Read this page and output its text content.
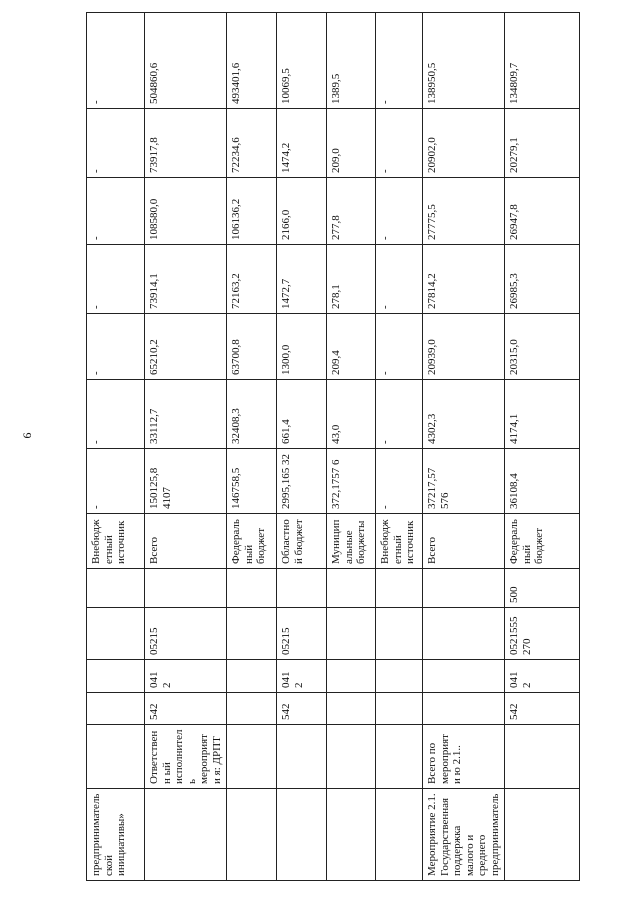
9
предприниматель ской инициативы»						Внебюдж етный источник	-	-	-	-	-	-	-
	Ответственн ый исполнител ь мероприяти я: ДРПТ	542	041 2	05215		Всего	150125,8 4107	33112,7	65210,2	73914,1	108580,0	73917,8	504860,6
						Федераль ный бюджет	146758,5	32408,3	63700,8	72163,2	106136,2	72234,6	493401,6
		542	041 2	05215		Областно й бюджет	2995,165 32	661,4	1300,0	1472,7	2166,0	1474,2	10069,5
						Муницип альные бюджеты	372,1757 6	43,0	209,4	278,1	277,8	209,0	1389,5
						Внебюдж етный источник	-	-	-	-	-	-	-
Мероприятие 2.1. Государственная поддержка малого и среднего предприниматель	Всего по мероприяти ю 2.1..					Всего	37217,57 576	4302,3	20939,0	27814,2	27775,5	20902,0	138950,5
		542	041 2	0521555 270	500	Федераль ный бюджет	36108,4	4174,1	20315,0	26985,3	26947,8	20279,1	134809,7
